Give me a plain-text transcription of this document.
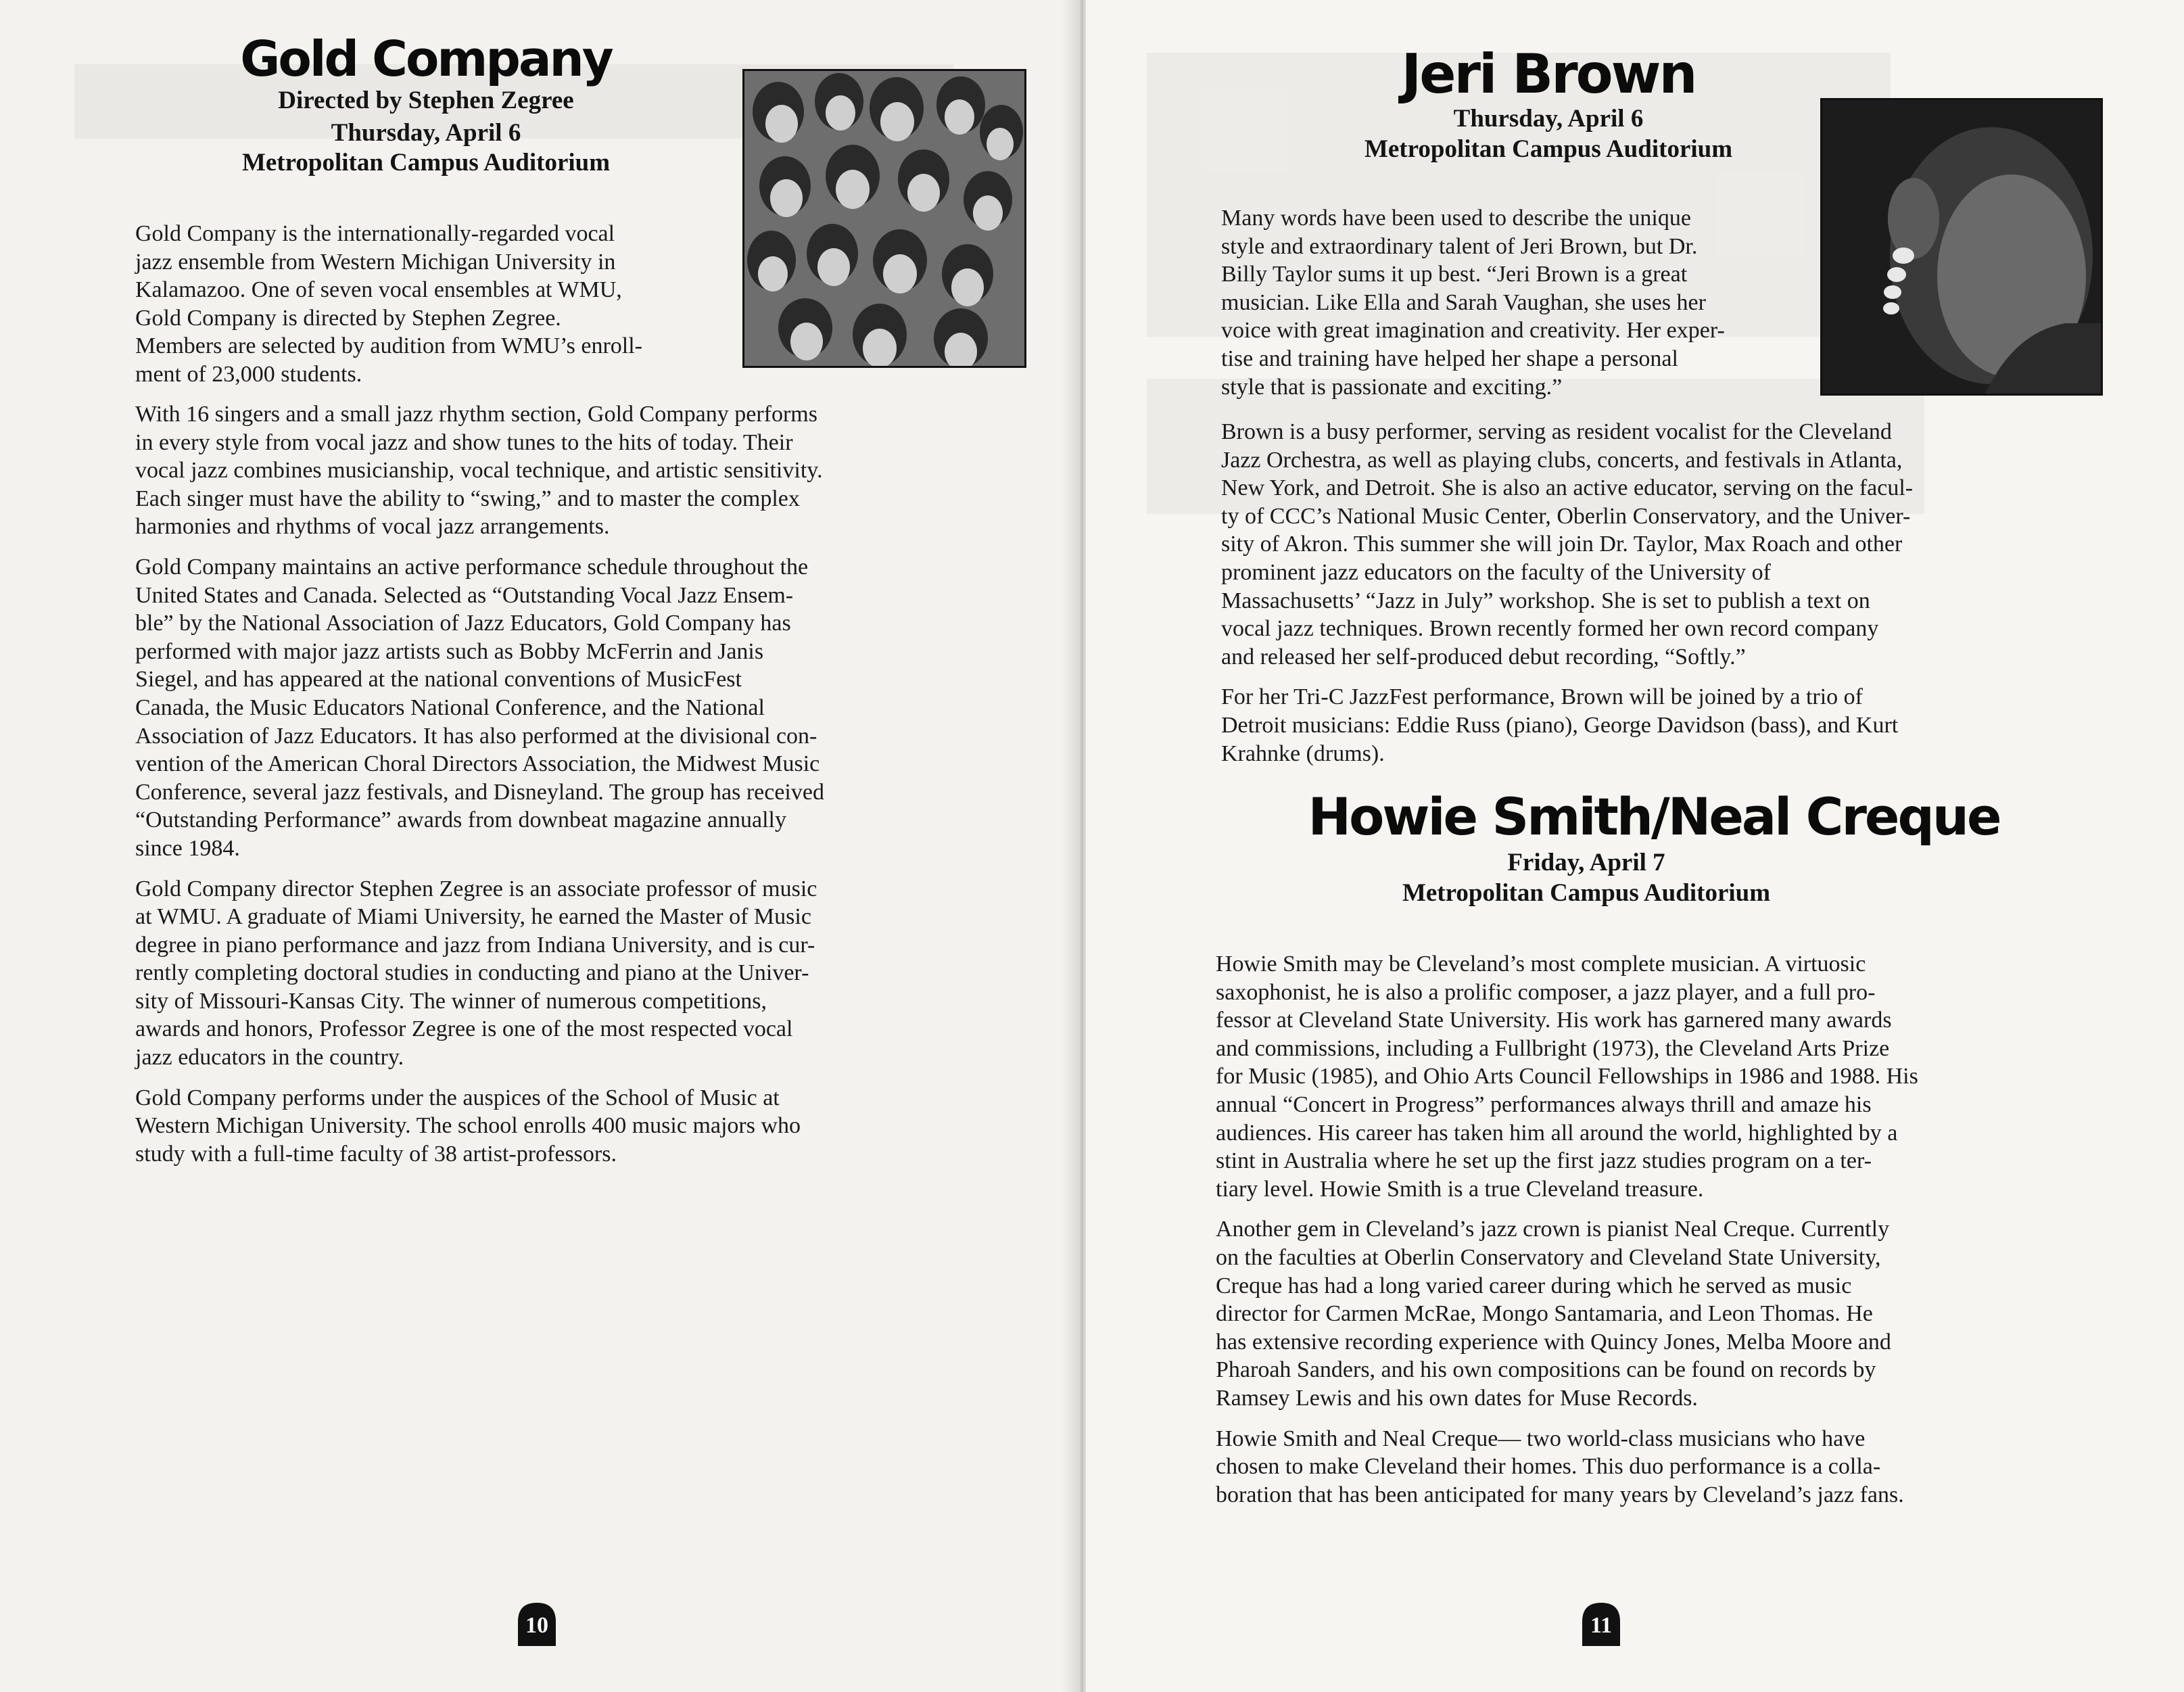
Gold Company
Directed by Stephen Zegree
Thursday, April 6
Metropolitan Campus Auditorium
Gold Company is the internationally-regarded vocal
jazz ensemble from Western Michigan University in
Kalamazoo. One of seven vocal ensembles at WMU,
Gold Company is directed by Stephen Zegree.
Members are selected by audition from WMU’s enroll-
ment of 23,000 students.

With 16 singers and a small jazz rhythm section, Gold Company performs
in every style from vocal jazz and show tunes to the hits of today. Their
vocal jazz combines musicianship, vocal technique, and artistic sensitivity.
Each singer must have the ability to “swing,” and to master the complex
harmonies and rhythms of vocal jazz arrangements.

Gold Company maintains an active performance schedule throughout the
United States and Canada. Selected as “Outstanding Vocal Jazz Ensem-
ble” by the National Association of Jazz Educators, Gold Company has
performed with major jazz artists such as Bobby McFerrin and Janis
Siegel, and has appeared at the national conventions of MusicFest
Canada, the Music Educators National Conference, and the National
Association of Jazz Educators. It has also performed at the divisional con-
vention of the American Choral Directors Association, the Midwest Music
Conference, several jazz festivals, and Disneyland. The group has received
“Outstanding Performance” awards from downbeat magazine annually
since 1984.

Gold Company director Stephen Zegree is an associate professor of music
at WMU. A graduate of Miami University, he earned the Master of Music
degree in piano performance and jazz from Indiana University, and is cur-
rently completing doctoral studies in conducting and piano at the Univer-
sity of Missouri-Kansas City. The winner of numerous competitions,
awards and honors, Professor Zegree is one of the most respected vocal
jazz educators in the country.

Gold Company performs under the auspices of the School of Music at
Western Michigan University. The school enrolls 400 music majors who
study with a full-time faculty of 38 artist-professors.

10
Jeri Brown
Thursday, April 6
Metropolitan Campus Auditorium
Many words have been used to describe the unique
style and extraordinary talent of Jeri Brown, but Dr.
Billy Taylor sums it up best. “Jeri Brown is a great
musician. Like Ella and Sarah Vaughan, she uses her
voice with great imagination and creativity. Her exper-
tise and training have helped her shape a personal
style that is passionate and exciting.”

Brown is a busy performer, serving as resident vocalist for the Cleveland
Jazz Orchestra, as well as playing clubs, concerts, and festivals in Atlanta,
New York, and Detroit. She is also an active educator, serving on the facul-
ty of CCC’s National Music Center, Oberlin Conservatory, and the Univer-
sity of Akron. This summer she will join Dr. Taylor, Max Roach and other
prominent jazz educators on the faculty of the University of
Massachusetts’ “Jazz in July” workshop. She is set to publish a text on
vocal jazz techniques. Brown recently formed her own record company
and released her self-produced debut recording, “Softly.”

For her Tri-C JazzFest performance, Brown will be joined by a trio of
Detroit musicians: Eddie Russ (piano), George Davidson (bass), and Kurt
Krahnke (drums).

Howie Smith/Neal Creque
Friday, April 7
Metropolitan Campus Auditorium

Howie Smith may be Cleveland’s most complete musician. A virtuosic
saxophonist, he is also a prolific composer, a jazz player, and a full pro-
fessor at Cleveland State University. His work has garnered many awards
and commissions, including a Fullbright (1973), the Cleveland Arts Prize
for Music (1985), and Ohio Arts Council Fellowships in 1986 and 1988. His
annual “Concert in Progress” performances always thrill and amaze his
audiences. His career has taken him all around the world, highlighted by a
stint in Australia where he set up the first jazz studies program on a ter-
tiary level. Howie Smith is a true Cleveland treasure.

Another gem in Cleveland’s jazz crown is pianist Neal Creque. Currently
on the faculties at Oberlin Conservatory and Cleveland State University,
Creque has had a long varied career during which he served as music
director for Carmen McRae, Mongo Santamaria, and Leon Thomas. He
has extensive recording experience with Quincy Jones, Melba Moore and
Pharoah Sanders, and his own compositions can be found on records by
Ramsey Lewis and his own dates for Muse Records.

Howie Smith and Neal Creque— two world-class musicians who have
chosen to make Cleveland their homes. This duo performance is a colla-
boration that has been anticipated for many years by Cleveland’s jazz fans.

11
